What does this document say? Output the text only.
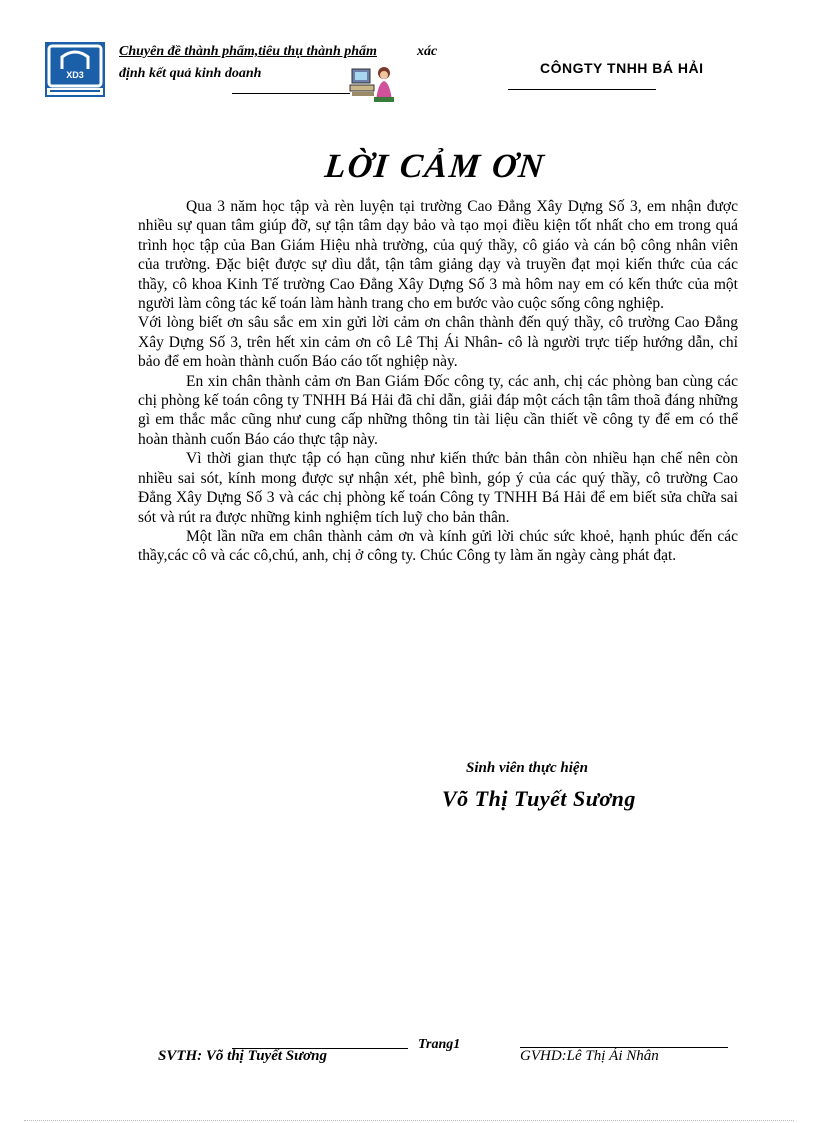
XD3
Chuyên đề thành phẩm,tiêu thụ thành phẩm	xác
định kết quả kinh doanh	CÔNGTY TNHH BÁ HẢI
LỜI CẢM ƠN

Qua 3 năm học tập và rèn luyện tại trường Cao Đẳng Xây Dựng Số 3, em nhận được nhiều sự quan tâm giúp đỡ, sự tận tâm dạy bảo và tạo mọi điều kiện tốt nhất cho em trong quá trình học tập của Ban Giám Hiệu nhà trường, của quý thầy, cô giáo và cán bộ công nhân viên của trường. Đặc biệt được sự dìu dắt, tận tâm giảng dạy và truyền đạt mọi kiến thức của các thầy, cô khoa Kinh Tế trường Cao Đẳng Xây Dựng Số 3 mà hôm nay em có kến thức của một người làm công tác kế toán làm hành trang cho em bước vào cuộc sống công nghiệp.

Với lòng biết ơn sâu sắc em xin gửi lời cảm ơn chân thành đến quý thầy, cô trường Cao Đẳng Xây Dựng Số 3, trên hết xin cảm ơn cô Lê Thị Ái Nhân- cô là người trực tiếp hướng dẫn, chỉ bảo để em hoàn thành cuốn Báo cáo tốt nghiệp này.

En xin chân thành cảm ơn Ban Giám Đốc công ty, các anh, chị các phòng ban cùng các chị phòng kế toán công ty TNHH Bá Hải đã chỉ dẫn, giải đáp một cách tận tâm thoã đáng những gì em thắc mắc cũng như cung cấp những thông tin tài liệu cần thiết về công ty để em có thể hoàn thành cuốn Báo cáo thực tập này.

Vì thời gian thực tập có hạn cũng như kiến thức bản thân còn nhiều hạn chế nên còn nhiều sai sót, kính mong được sự nhận xét, phê bình, góp ý của các quý thầy, cô trường Cao Đẳng Xây Dựng Số 3 và các chị phòng kế toán Công ty TNHH Bá Hải để em biết sửa chữa sai sót và rút ra được những kinh nghiệm tích luỹ cho bản thân.

Một lần nữa em chân thành cảm ơn và kính gửi lời chúc sức khoẻ, hạnh phúc đến các thầy,các cô và các cô,chú, anh, chị ở công ty. Chúc Công ty làm ăn ngày càng phát đạt.

Sinh viên thực hiện
Võ Thị Tuyết Sương
Trang1
SVTH: Võ thị Tuyết Sương	GVHD:Lê Thị Ái Nhân
